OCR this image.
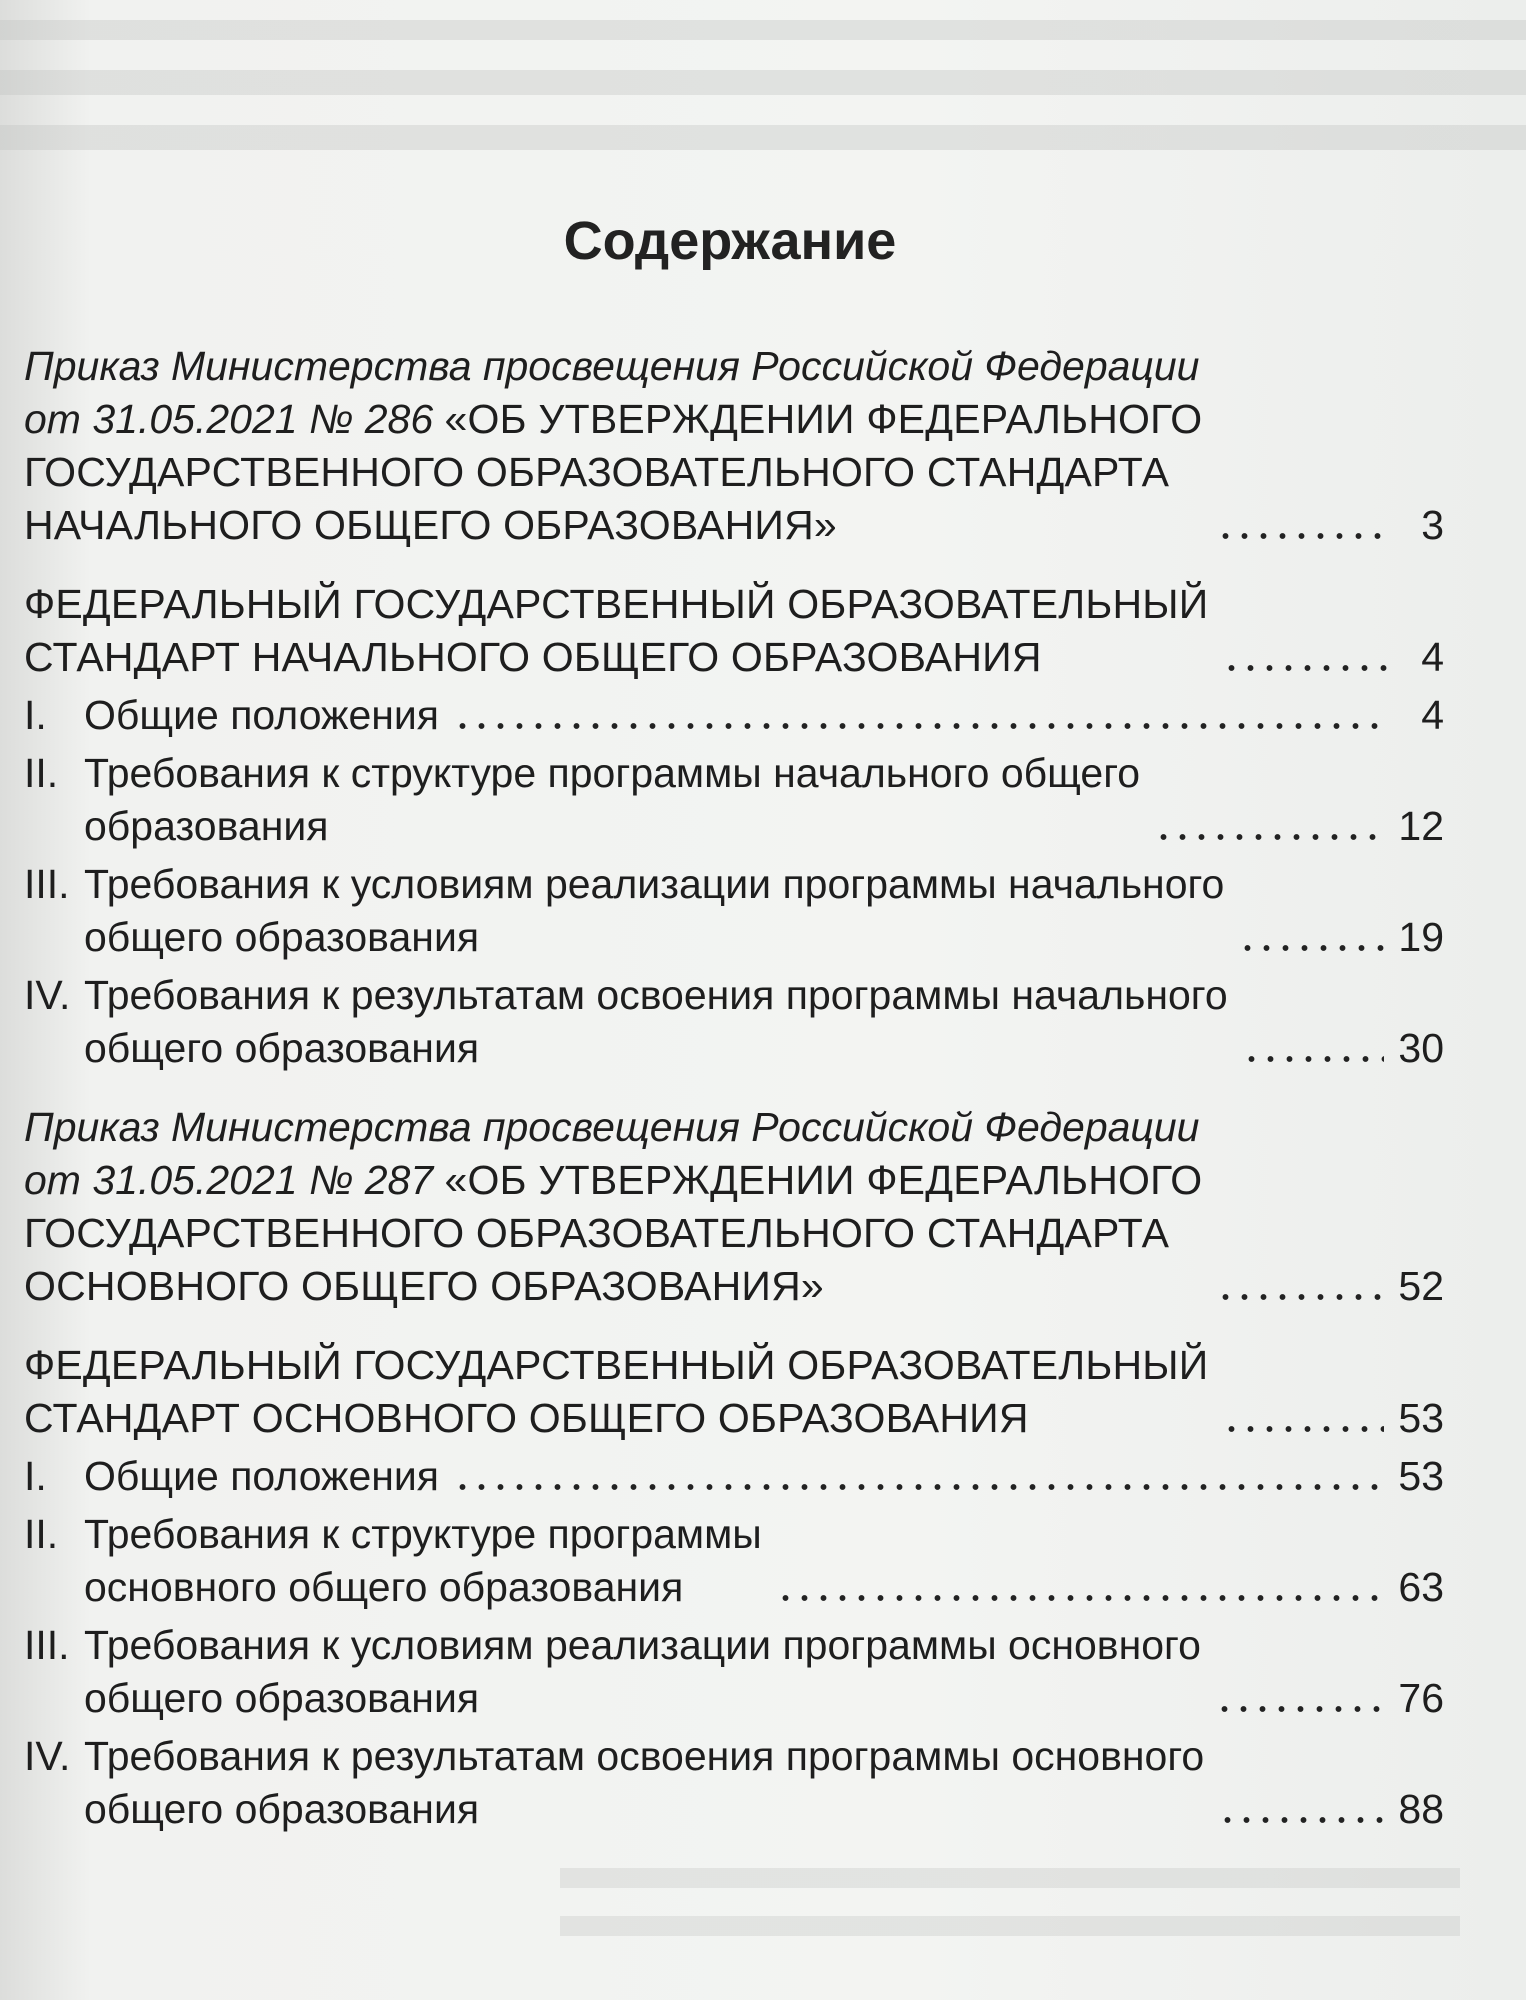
Содержание
Приказ Министерства просвещения Российской Федерации
от 31.05.2021 № 286 «ОБ УТВЕРЖДЕНИИ ФЕДЕРАЛЬНОГО
ГОСУДАРСТВЕННОГО ОБРАЗОВАТЕЛЬНОГО СТАНДАРТА
НАЧАЛЬНОГО ОБЩЕГО ОБРАЗОВАНИЯ»	3
ФЕДЕРАЛЬНЫЙ ГОСУДАРСТВЕННЫЙ ОБРАЗОВАТЕЛЬНЫЙ
СТАНДАРТ НАЧАЛЬНОГО ОБЩЕГО ОБРАЗОВАНИЯ	4
I. Общие положения	4
II. Требования к структуре программы начального общего
образования	12
III. Требования к условиям реализации программы начального
общего образования	19
IV. Требования к результатам освоения программы начального
общего образования	30
Приказ Министерства просвещения Российской Федерации
от 31.05.2021 № 287 «ОБ УТВЕРЖДЕНИИ ФЕДЕРАЛЬНОГО
ГОСУДАРСТВЕННОГО ОБРАЗОВАТЕЛЬНОГО СТАНДАРТА
ОСНОВНОГО ОБЩЕГО ОБРАЗОВАНИЯ»	52
ФЕДЕРАЛЬНЫЙ ГОСУДАРСТВЕННЫЙ ОБРАЗОВАТЕЛЬНЫЙ
СТАНДАРТ ОСНОВНОГО ОБЩЕГО ОБРАЗОВАНИЯ	53
I. Общие положения	53
II. Требования к структуре программы
основного общего образования	63
III. Требования к условиям реализации программы основного
общего образования	76
IV. Требования к результатам освоения программы основного
общего образования	88
